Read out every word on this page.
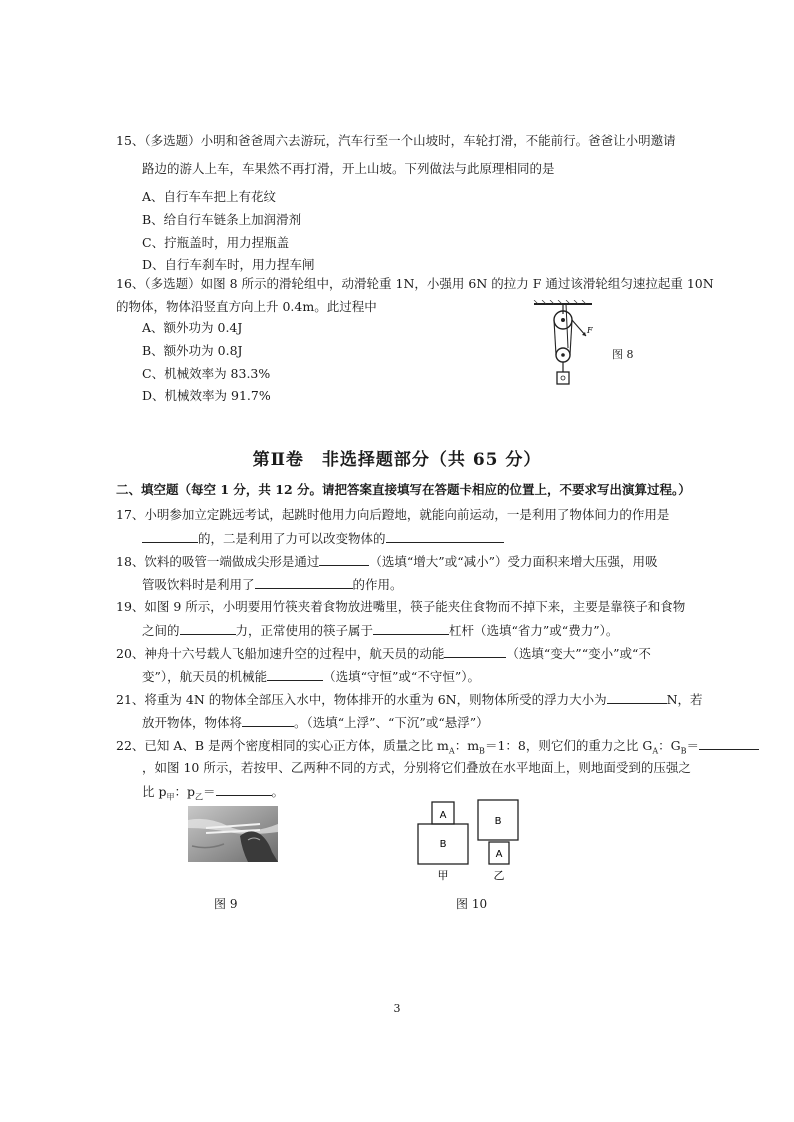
15、（多选题）小明和爸爸周六去游玩，汽车行至一个山坡时，车轮打滑，不能前行。爸爸让小明邀请
路边的游人上车，车果然不再打滑，开上山坡。下列做法与此原理相同的是
A、自行车车把上有花纹
B、给自行车链条上加润滑剂
C、拧瓶盖时，用力捏瓶盖
D、自行车刹车时，用力捏车闸
16、（多选题）如图 8 所示的滑轮组中，动滑轮重 1N，小强用 6N 的拉力 F 通过该滑轮组匀速拉起重 10N
的物体，物体沿竖直方向上升 0.4m。此过程中
A、额外功为 0.4J
B、额外功为 0.8J
C、机械效率为 83.3%
D、机械效率为 91.7%
F
图 8
第Ⅱ卷　非选择题部分（共 65 分）
二、填空题（每空 1 分，共 12 分。请把答案直接填写在答题卡相应的位置上，不要求写出演算过程。）
17、小明参加立定跳远考试，起跳时他用力向后蹬地，就能向前运动，一是利用了物体间力的作用是
的，二是利用了力可以改变物体的
18、饮料的吸管一端做成尖形是通过	（选填“增大”或“减小”）受力面积来增大压强，用吸
管吸饮料时是利用了	的作用。
19、如图 9 所示，小明要用竹筷夹着食物放进嘴里，筷子能夹住食物而不掉下来，主要是靠筷子和食物
之间的	力，正常使用的筷子属于	杠杆（选填“省力”或“费力”）。
20、神舟十六号载人飞船加速升空的过程中，航天员的动能	（选填“变大”“变小”或“不
变”），航天员的机械能	（选填“守恒”或“不守恒”）。
21、将重为 4N 的物体全部压入水中，物体排开的水重为 6N，则物体所受的浮力大小为	N，若
放开物体，物体将	。（选填“上浮”、“下沉”或“悬浮”）
22、已知 A、B 是两个密度相同的实心正方体，质量之比 $m_A$：$m_B=1$：8，则它们的重力之比 $G_A$：$G_B=$
，如图 10 所示，若按甲、乙两种不同的方式，分别将它们叠放在水平地面上，则地面受到的压强之
比 $p_甲$：$p_乙=$	。
图 9
A
B
甲
B
A
乙
图 10
3
